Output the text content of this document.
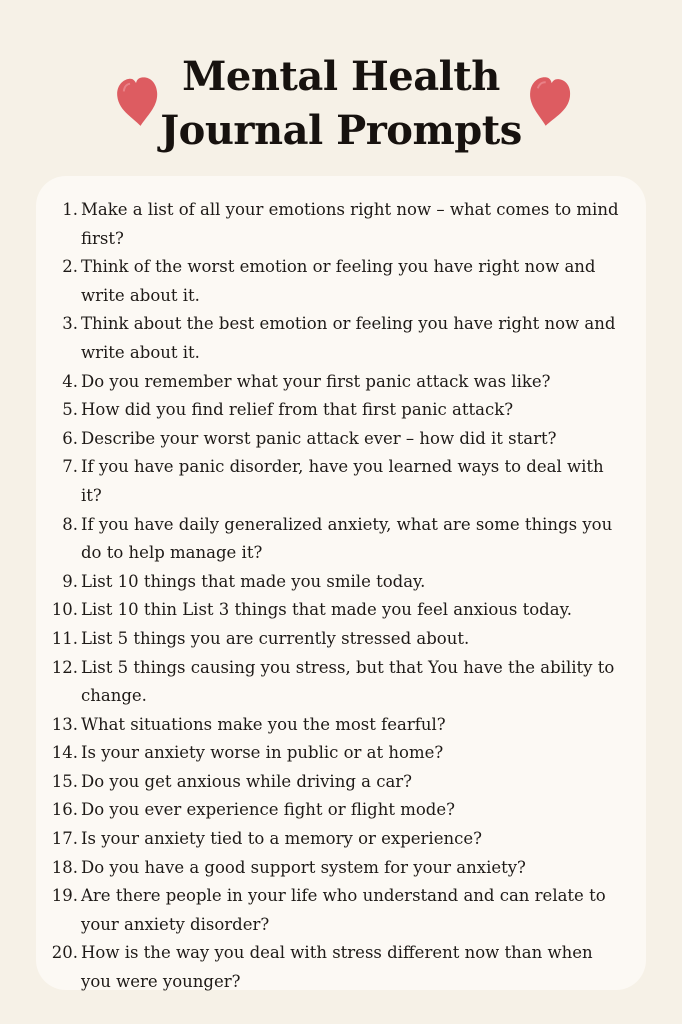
Mental Health
Journal Prompts
1. Make a list of all your emotions right now – what comes to mind first?
2. Think of the worst emotion or feeling you have right now and write about it.
3. Think about the best emotion or feeling you have right now and write about it.
4. Do you remember what your first panic attack was like?
5. How did you find relief from that first panic attack?
6. Describe your worst panic attack ever – how did it start?
7. If you have panic disorder, have you learned ways to deal with it?
8. If you have daily generalized anxiety, what are some things you do to help manage it?
9. List 10 things that made you smile today.
10. List 10 thin List 3 things that made you feel anxious today.
11. List 5 things you are currently stressed about.
12. List 5 things causing you stress, but that You have the ability to change.
13. What situations make you the most fearful?
14. Is your anxiety worse in public or at home?
15. Do you get anxious while driving a car?
16. Do you ever experience fight or flight mode?
17. Is your anxiety tied to a memory or experience?
18. Do you have a good support system for your anxiety?
19. Are there people in your life who understand and can relate to your anxiety disorder?
20. How is the way you deal with stress different now than when you were younger?
